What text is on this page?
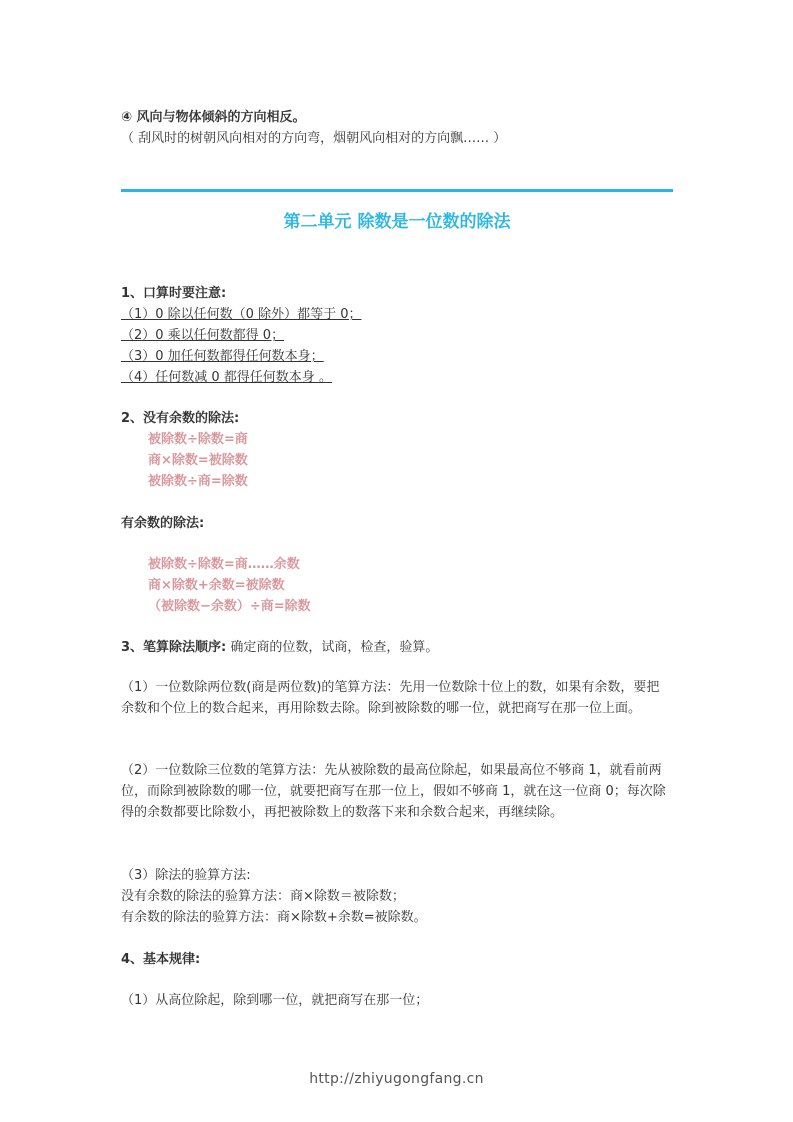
④ 风向与物体倾斜的方向相反。
（ 刮风时的树朝风向相对的方向弯，烟朝风向相对的方向飘…… ）
第二单元 除数是一位数的除法
1、口算时要注意:
（1）0 除以任何数（0 除外）都等于 0；
（2）0 乘以任何数都得 0；
（3）0 加任何数都得任何数本身；
（4）任何数减 0 都得任何数本身 。
2、没有余数的除法:
被除数÷除数=商
商×除数=被除数
被除数÷商=除数
有余数的除法:
被除数÷除数=商……余数
商×除数+余数=被除数
（被除数−余数）÷商=除数
3、笔算除法顺序: 确定商的位数，试商，检查，验算。
（1）一位数除两位数(商是两位数)的笔算方法：先用一位数除十位上的数，如果有余数，要把余数和个位上的数合起来，再用除数去除。除到被除数的哪一位，就把商写在那一位上面。
（2）一位数除三位数的笔算方法：先从被除数的最高位除起，如果最高位不够商 1，就看前两位，而除到被除数的哪一位，就要把商写在那一位上，假如不够商 1，就在这一位商 0；每次除得的余数都要比除数小，再把被除数上的数落下来和余数合起来，再继续除。
（3）除法的验算方法:
没有余数的除法的验算方法：商×除数＝被除数；
有余数的除法的验算方法：商×除数+余数=被除数。
4、基本规律:
（1）从高位除起，除到哪一位，就把商写在那一位；
http://zhiyugongfang.cn
